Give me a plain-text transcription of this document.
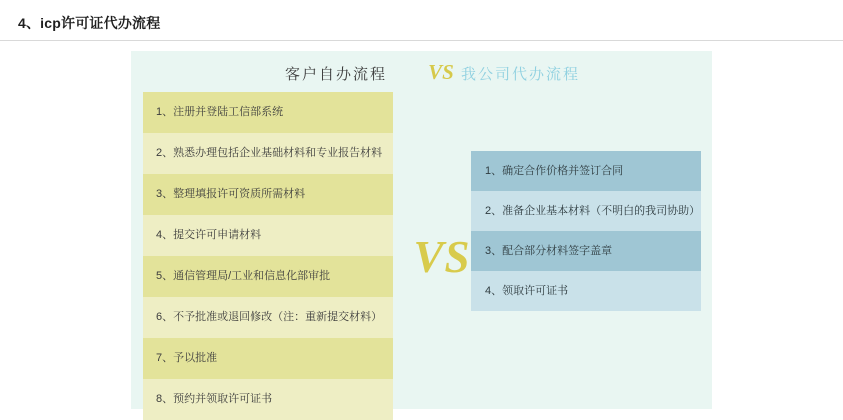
4、icp许可证代办流程
客户自办流程	VS 我公司代办流程
1、注册并登陆工信部系统
2、熟悉办理包括企业基础材料和专业报告材料
3、整理填报许可资质所需材料
4、提交许可申请材料
5、通信管理局/工业和信息化部审批
6、不予批准或退回修改（注：重新提交材料）
7、予以批准
8、预约并领取许可证书
VS
1、确定合作价格并签订合同
2、准备企业基本材料（不明白的我司协助）
3、配合部分材料签字盖章
4、领取许可证书
